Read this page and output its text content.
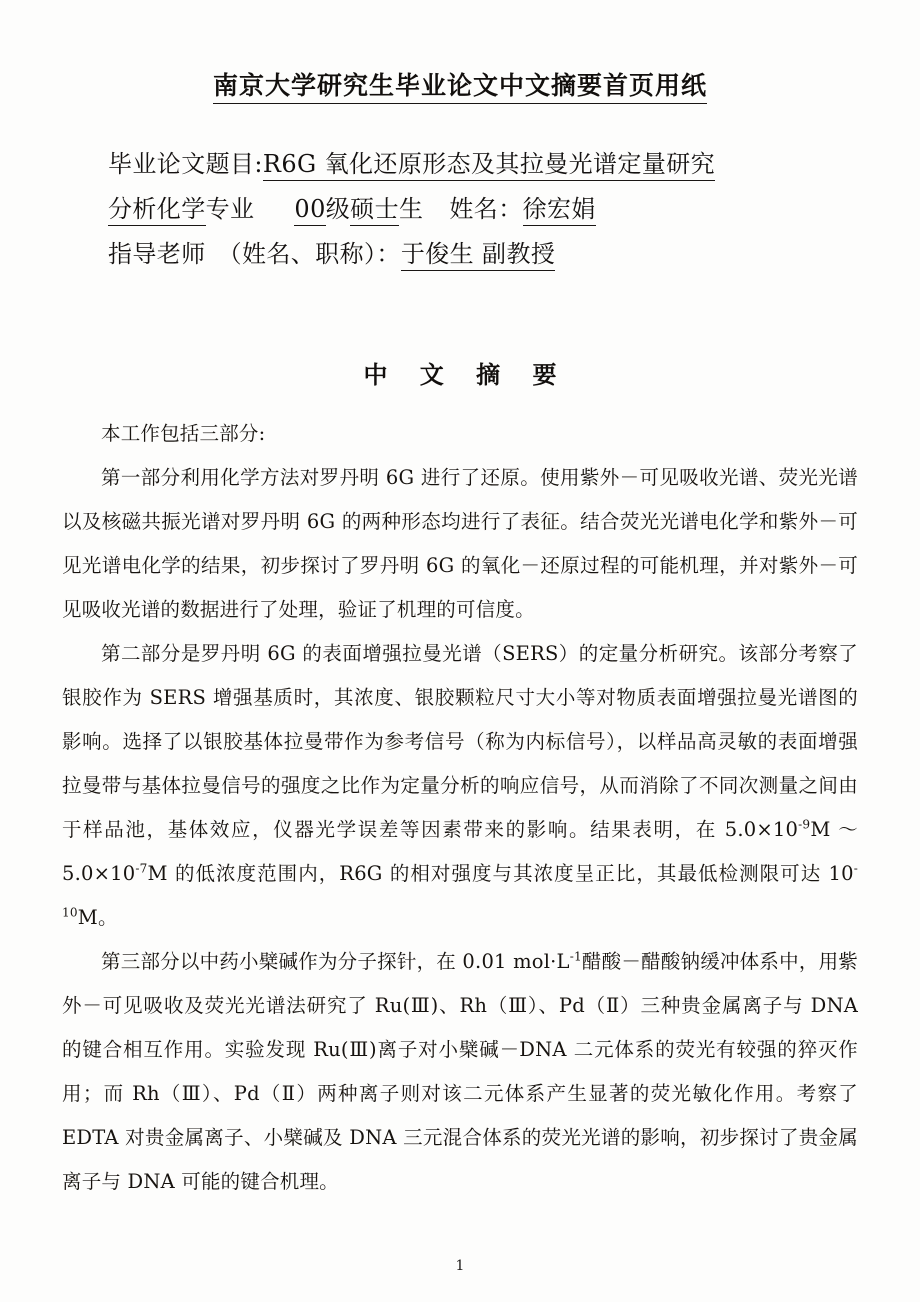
南京大学研究生毕业论文中文摘要首页用纸
毕业论文题目:R6G 氧化还原形态及其拉曼光谱定量研究
分析化学专业 00级硕士生 姓名：徐宏娟
指导老师 （姓名、职称）：于俊生 副教授
中 文 摘 要

本工作包括三部分:

第一部分利用化学方法对罗丹明 6G 进行了还原。使用紫外－可见吸收光谱、荧光光谱以及核磁共振光谱对罗丹明 6G 的两种形态均进行了表征。结合荧光光谱电化学和紫外－可见光谱电化学的结果，初步探讨了罗丹明 6G 的氧化－还原过程的可能机理，并对紫外－可见吸收光谱的数据进行了处理，验证了机理的可信度。

第二部分是罗丹明 6G 的表面增强拉曼光谱（SERS）的定量分析研究。该部分考察了银胶作为 SERS 增强基质时，其浓度、银胶颗粒尺寸大小等对物质表面增强拉曼光谱图的影响。选择了以银胶基体拉曼带作为参考信号（称为内标信号），以样品高灵敏的表面增强拉曼带与基体拉曼信号的强度之比作为定量分析的响应信号，从而消除了不同次测量之间由于样品池，基体效应，仪器光学误差等因素带来的影响。结果表明，在 $5.0\times 10^{-9}M$ ～ $5.0\times 10^{-7}M$ 的低浓度范围内，R6G 的相对强度与其浓度呈正比，其最低检测限可达 $10^{-10}M$。

第三部分以中药小檗碱作为分子探针，在 0.01 $mol\cdot L^{-1}$醋酸－醋酸钠缓冲体系中，用紫外－可见吸收及荧光光谱法研究了 Ru(Ⅲ)、Rh（Ⅲ）、Pd（Ⅱ）三种贵金属离子与 DNA 的键合相互作用。实验发现 Ru(Ⅲ)离子对小檗碱－DNA 二元体系的荧光有较强的猝灭作用；而 Rh（Ⅲ）、Pd（Ⅱ）两种离子则对该二元体系产生显著的荧光敏化作用。考察了 EDTA 对贵金属离子、小檗碱及 DNA 三元混合体系的荧光光谱的影响，初步探讨了贵金属离子与 DNA 可能的键合机理。

1
